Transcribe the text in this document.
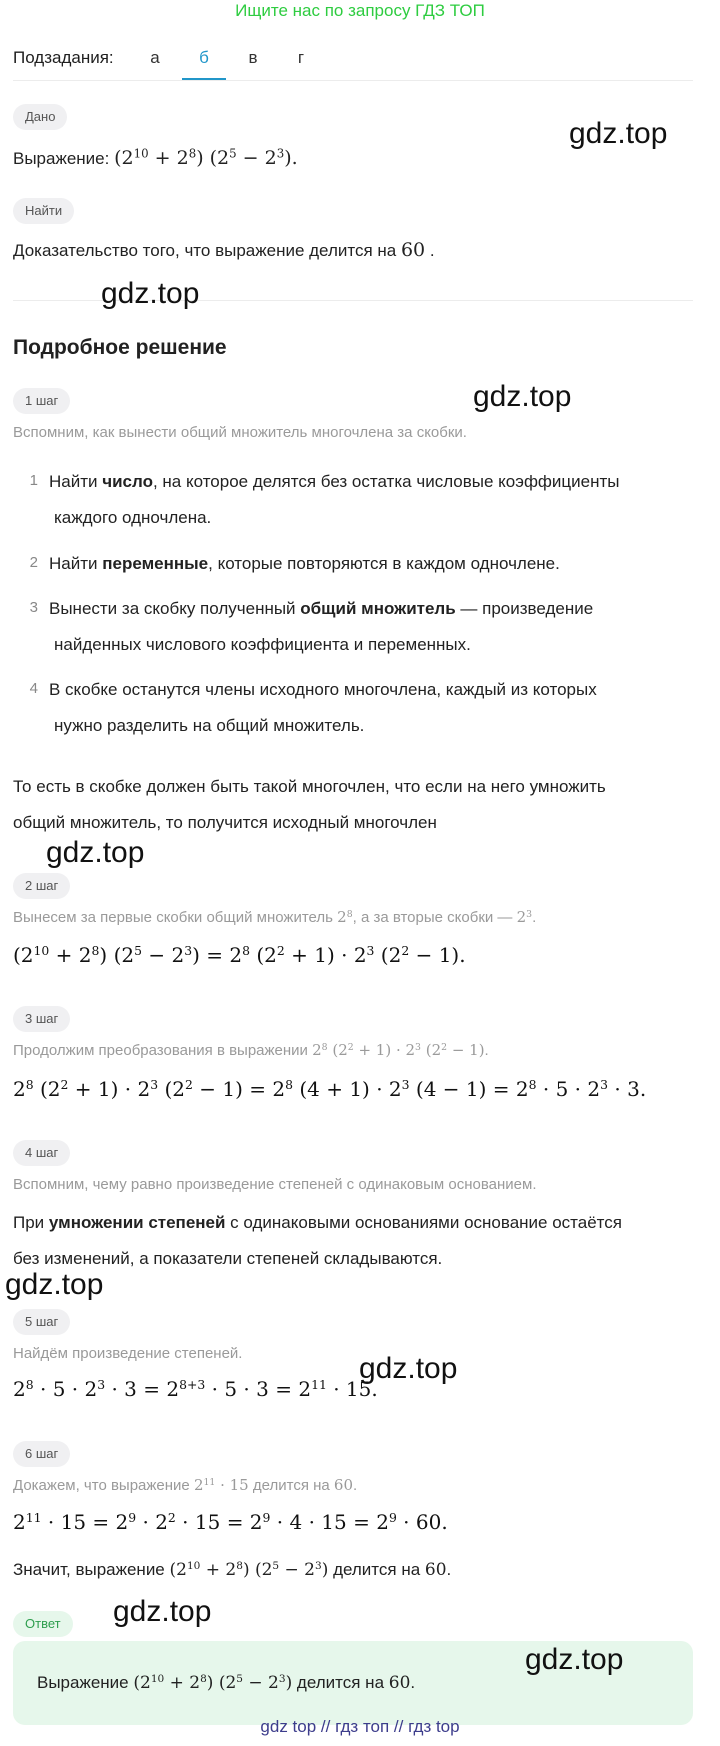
Ищите нас по запросу ГДЗ ТОП
Подзадания:	а	б	в	г
Дано
Выражение: $(2^{10} + 2^8) (2^5 - 2^3)$.
Найти
Доказательство того, что выражение делится на 60 .
Подробное решение
1 шаг
Вспомним, как вынести общий множитель многочлена за скобки.
1 Найти число, на которое делятся без остатка числовые коэффициенты
каждого одночлена.
2 Найти переменные, которые повторяются в каждом одночлене.
3 Вынести за скобку полученный общий множитель — произведение
найденных числового коэффициента и переменных.
4 В скобке останутся члены исходного многочлена, каждый из которых
нужно разделить на общий множитель.
То есть в скобке должен быть такой многочлен, что если на него умножить
общий множитель, то получится исходный многочлен
2 шаг
Вынесем за первые скобки общий множитель $2^8$, а за вторые скобки — $2^3$.
$(2^{10} + 2^8) (2^5 - 2^3) = 2^8$ $(2^2 + 1) \cdot 2^3$ $(2^2 - 1)$.
3 шаг
Продолжим преобразования в выражении $2^8$ $(2^2 + 1) \cdot 2^3$ $(2^2 - 1)$.
$2^8$ $(2^2 + 1) \cdot 2^3$ $(2^2 - 1) = 2^8$ $(4 + 1) \cdot 2^3$ $(4 - 1) = 2^8 \cdot 5 \cdot 2^3 \cdot 3$.
4 шаг
Вспомним, чему равно произведение степеней с одинаковым основанием.
При умножении степеней с одинаковыми основаниями основание остаётся
без изменений, а показатели степеней складываются.
5 шаг
Найдём произведение степеней.
$2^8 \cdot 5 \cdot 2^3 \cdot 3 = 2^{8+3} \cdot 5 \cdot 3 = 2^{11} \cdot 15$.
6 шаг
Докажем, что выражение $2^{11} \cdot 15$ делится на 60.
$2^{11} \cdot 15 = 2^9 \cdot 2^2 \cdot 15 = 2^9 \cdot 4 \cdot 15 = 2^9 \cdot 60$.
Значит, выражение $(2^{10} + 2^8) (2^5 - 2^3)$ делится на 60.
Ответ
Выражение $(2^{10} + 2^8) (2^5 - 2^3)$ делится на 60.
gdz.top
gdz.top
gdz.top
gdz.top
gdz.top
gdz.top
gdz.top
gdz.top
gdz top // гдз топ // гдз top
